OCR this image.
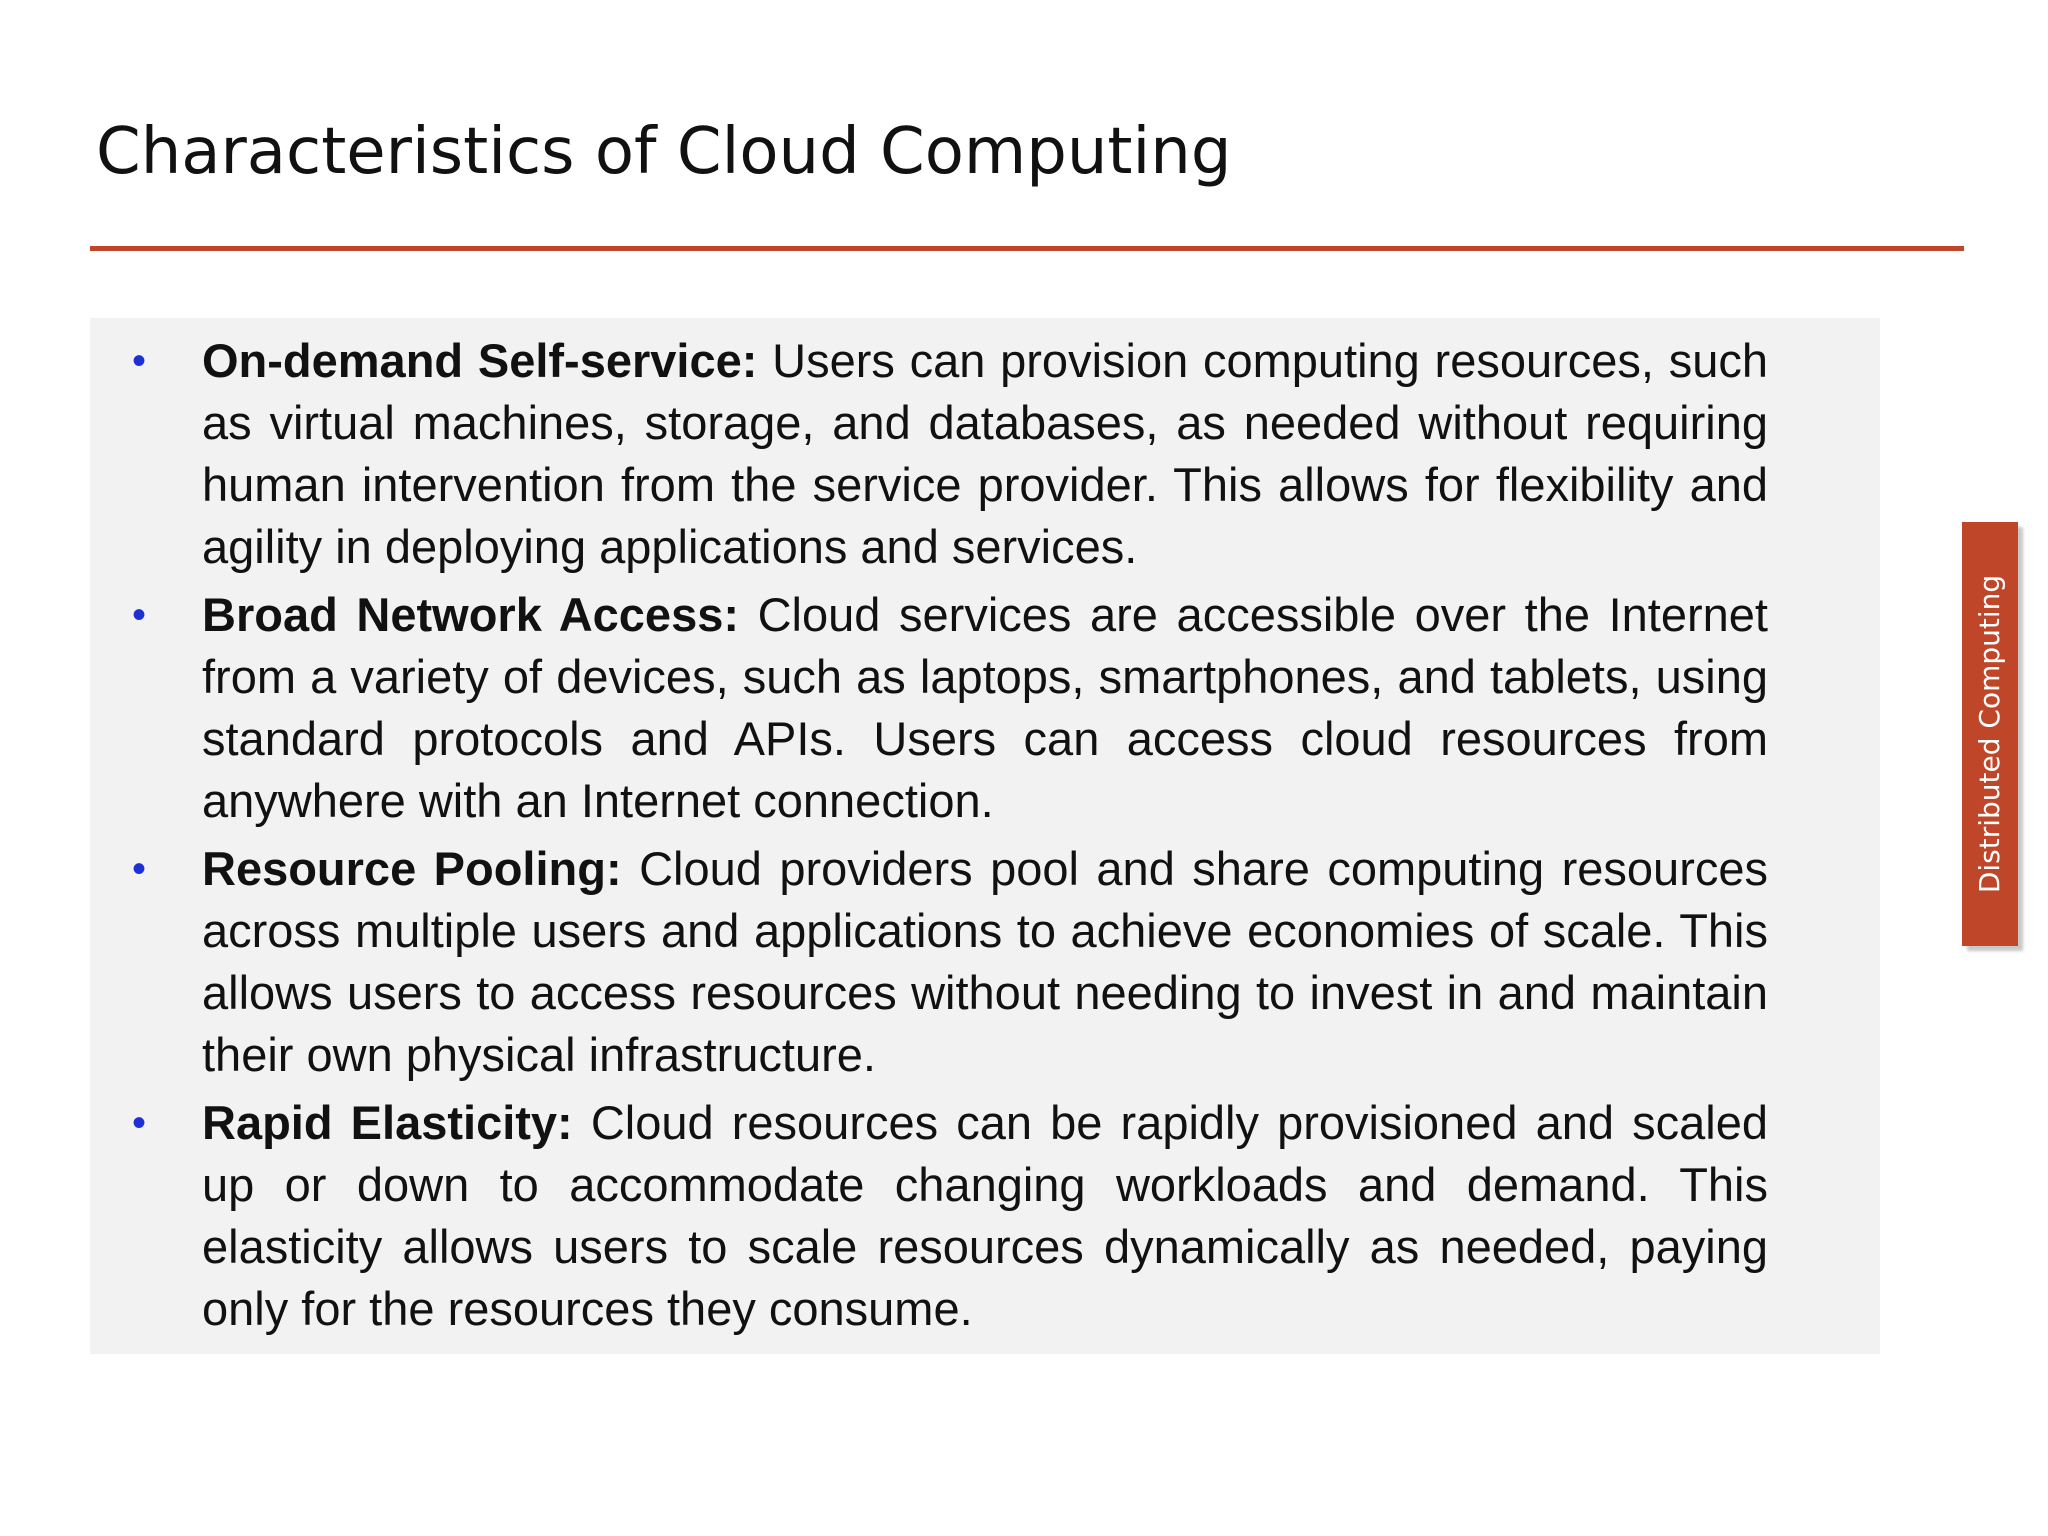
Characteristics of Cloud Computing
•	On-demand Self-service: Users can provision computing resources, such as virtual machines, storage, and databases, as needed without requiring human intervention from the service provider. This allows for flexibility and agility in deploying applications and services.
•	Broad Network Access: Cloud services are accessible over the Internet from a variety of devices, such as laptops, smartphones, and tablets, using standard protocols and APIs. Users can access cloud resources from anywhere with an Internet connection.
•	Resource Pooling: Cloud providers pool and share computing resources across multiple users and applications to achieve economies of scale. This allows users to access resources without needing to invest in and maintain their own physical infrastructure.
•	Rapid Elasticity: Cloud resources can be rapidly provisioned and scaled up or down to accommodate changing workloads and demand. This elasticity allows users to scale resources dynamically as needed, paying only for the resources they consume.
Distributed Computing
